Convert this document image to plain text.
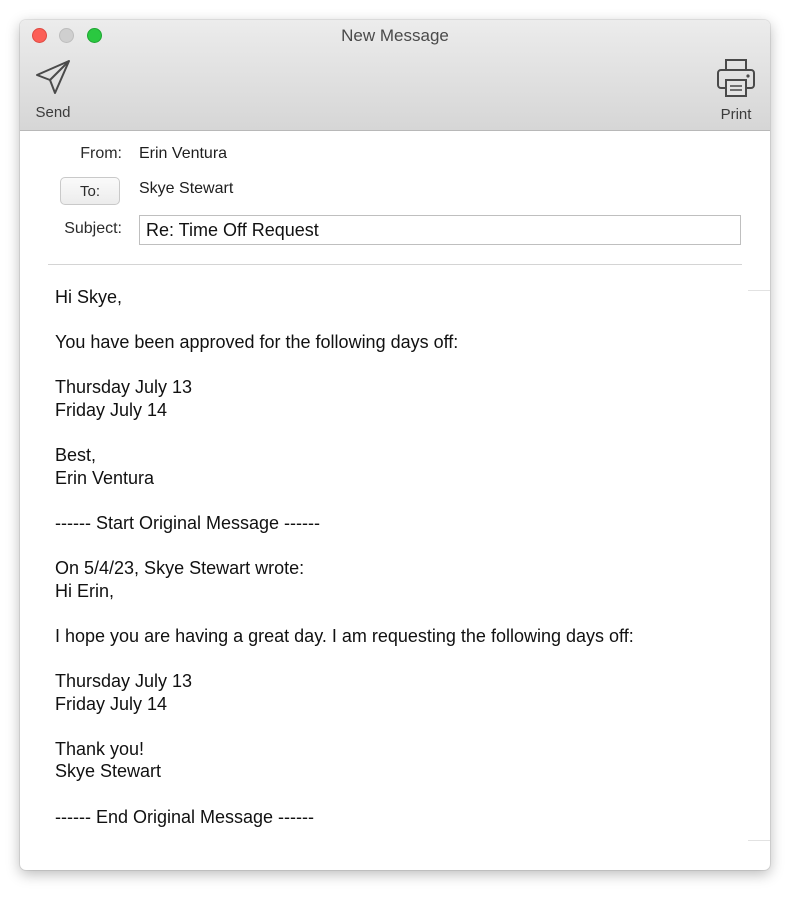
New Message
Send	Print
From: Erin Ventura
To:	Skye Stewart
Subject:
Re: Time Off Request
Hi Skye,

You have been approved for the following days off:

Thursday July 13
Friday July 14

Best,
Erin Ventura

------ Start Original Message ------

On 5/4/23, Skye Stewart wrote:
Hi Erin,

I hope you are having a great day. I am requesting the following days off:

Thursday July 13
Friday July 14

Thank you!
Skye Stewart

------ End Original Message ------
